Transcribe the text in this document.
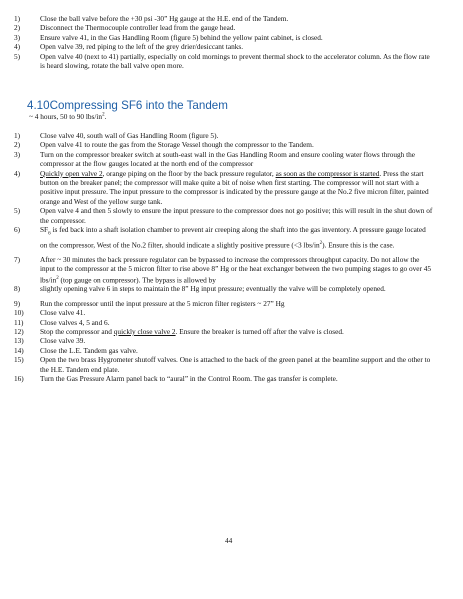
1)	Close the ball valve before the +30 psi -30” Hg gauge at the H.E. end of the Tandem.
2)	Disconnect the Thermocouple controller lead from the gauge head.
3)	Ensure valve 41, in the Gas Handling Room (figure 5) behind the yellow paint cabinet, is closed.
4)	Open valve 39, red piping to the left of the grey drier/desiccant tanks.
5)	Open valve 40 (next to 41) partially, especially on cold mornings to prevent thermal shock to the accelerator column. As the flow rate is heard slowing, rotate the ball valve open more.
4.10Compressing SF6 into the Tandem
~ 4 hours, 50 to 90 lbs/$in^2$.
1)	Close valve 40, south wall of Gas Handling Room (figure 5).
2)	Open valve 41 to route the gas from the Storage Vessel though the compressor to the Tandem.
3)	Turn on the compressor breaker switch at south-east wall in the Gas Handling Room and ensure cooling water flows through the compressor at the flow gauges located at the north end of the compressor
4)	Quickly open valve 2, orange piping on the floor by the back pressure regulator, as soon as the compressor is started. Press the start button on the breaker panel; the compressor will make quite a bit of noise when first starting. The compressor will not start with a positive input pressure. The input pressure to the compressor is indicated by the pressure gauge at the No.2 five micron filter, painted orange and West of the yellow surge tank.
5)	Open valve 4 and then 5 slowly to ensure the input pressure to the compressor does not go positive; this will result in the shut down of the compressor.
6)	$SF_6$ is fed back into a shaft isolation chamber to prevent air creeping along the shaft into the gas inventory. A pressure gauge located on the compressor, West of the No.2 filter, should indicate a slightly positive pressure (<3 lbs/$in^2$). Ensure this is the case.
7)	After ~ 30 minutes the back pressure regulator can be bypassed to increase the compressors throughput capacity. Do not allow the input to the compressor at the 5 micron filter to rise above 8” Hg or the heat exchanger between the two pumping stages to go over 45 lbs/$in^2$ (top gauge on compressor). The bypass is allowed by
8)	slightly opening valve 6 in steps to maintain the 8” Hg input pressure; eventually the valve will be completely opened.
9)	Run the compressor until the input pressure at the 5 micron filter registers ~ 27” Hg
10)	Close valve 41.
11)	Close valves 4, 5 and 6.
12)	Stop the compressor and quickly close valve 2. Ensure the breaker is turned off after the valve is closed.
13)	Close valve 39.
14)	Close the L.E. Tandem gas valve.
15)	Open the two brass Hygrometer shutoff valves. One is attached to the back of the green panel at the beamline support and the other to the H.E. Tandem end plate.
16)	Turn the Gas Pressure Alarm panel back to “aural” in the Control Room. The gas transfer is complete.
44
